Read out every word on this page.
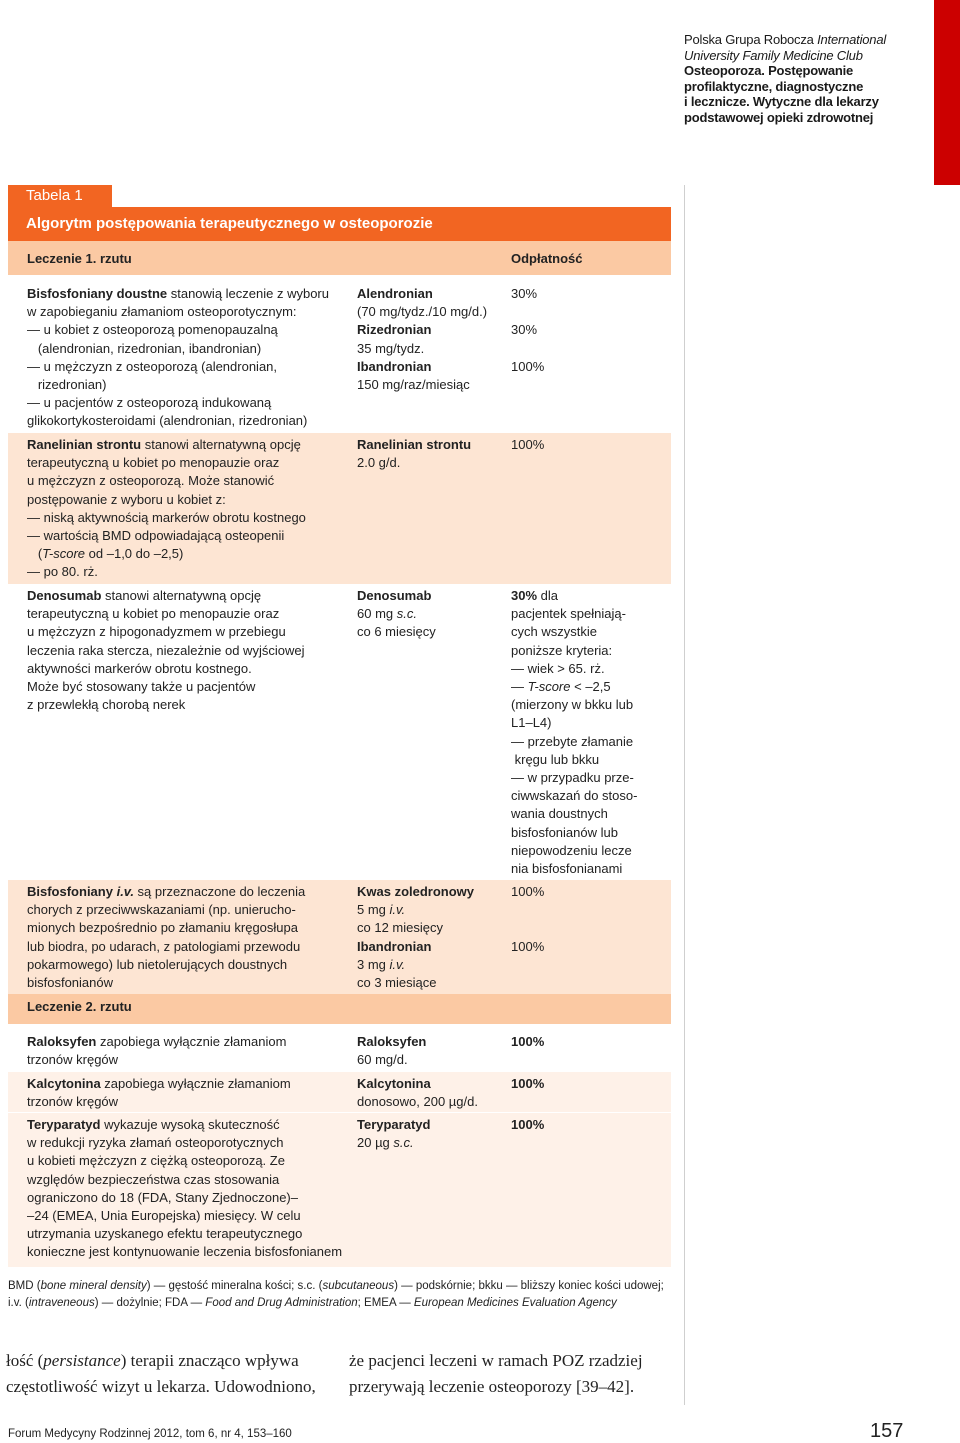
Polska Grupa Robocza International
University Family Medicine Club
Osteoporoza. Postępowanie
profilaktyczne, diagnostyczne
i lecznicze. Wytyczne dla lekarzy
podstawowej opieki zdrowotnej
Tabela 1
Algorytm postępowania terapeutycznego w osteoporozie
Leczenie 1. rzutu	Odpłatność
Bisfosfoniany doustne stanowią leczenie z wyboru
w zapobieganiu złamaniom osteoporotycznym:
— u kobiet z osteoporozą pomenopauzalną
(alendronian, rizedronian, ibandronian)
— u mężczyzn z osteoporozą (alendronian,
rizedronian)
— u pacjentów z osteoporozą indukowaną
glikokortykosteroidami (alendronian, rizedronian)
Alendronian
(70 mg/tydz./10 mg/d.)
Rizedronian
35 mg/tydz.
Ibandronian
150 mg/raz/miesiąc
30%

30%

100%
Ranelinian strontu stanowi alternatywną opcję
terapeutyczną u kobiet po menopauzie oraz
u mężczyzn z osteoporozą. Może stanowić
postępowanie z wyboru u kobiet z:
— niską aktywnością markerów obrotu kostnego
— wartością BMD odpowiadającą osteopenii
(T-score od –1,0 do –2,5)
— po 80. rż.
Ranelinian strontu
2.0 g/d.
100%
Denosumab stanowi alternatywną opcję
terapeutyczną u kobiet po menopauzie oraz
u mężczyzn z hipogonadyzmem w przebiegu
leczenia raka stercza, niezależnie od wyjściowej
aktywności markerów obrotu kostnego.
Może być stosowany także u pacjentów
z przewlekłą chorobą nerek
Denosumab
60 mg s.c.
co 6 miesięcy
30% dla
pacjentek spełniają-
cych wszystkie
poniższe kryteria:
— wiek > 65. rż.
— T-score < –2,5
(mierzony w bkku lub
L1–L4)
— przebyte złamanie
kręgu lub bkku
— w przypadku prze-
ciwwskazań do stoso-
wania doustnych
bisfosfonianów lub
niepowodzeniu lecze
nia bisfosfonianami
Bisfosfoniany i.v. są przeznaczone do leczenia
chorych z przeciwwskazaniami (np. unierucho-
mionych bezpośrednio po złamaniu kręgosłupa
lub biodra, po udarach, z patologiami przewodu
pokarmowego) lub nietolerujących doustnych
bisfosfonianów
Kwas zoledronowy
5 mg i.v.
co 12 miesięcy
Ibandronian
3 mg i.v.
co 3 miesiące
100%

100%
Leczenie 2. rzutu
Raloksyfen zapobiega wyłącznie złamaniom
trzonów kręgów
Raloksyfen
60 mg/d.
100%
Kalcytonina zapobiega wyłącznie złamaniom
trzonów kręgów
Kalcytonina
donosowo, 200 µg/d.
100%
Teryparatyd wykazuje wysoką skuteczność
w redukcji ryzyka złamań osteoporotycznych
u kobieti mężczyzn z ciężką osteoporozą. Ze
względów bezpieczeństwa czas stosowania
ograniczono do 18 (FDA, Stany Zjednoczone)–
–24 (EMEA, Unia Europejska) miesięcy. W celu
utrzymania uzyskanego efektu terapeutycznego
konieczne jest kontynuowanie leczenia bisfosfonianem
Teryparatyd
20 µg s.c.
100%
BMD (bone mineral density) — gęstość mineralna kości; s.c. (subcutaneous) — podskórnie; bkku — bliższy koniec kości udowej;
i.v. (intraveneous) — dożylnie; FDA — Food and Drug Administration; EMEA — European Medicines Evaluation Agency
łość (persistance) terapii znacząco wpływa
częstotliwość wizyt u lekarza. Udowodniono,
że pacjenci leczeni w ramach POZ rzadziej
przerywają leczenie osteoporozy [39–42].
Forum Medycyny Rodzinnej 2012, tom 6, nr 4, 153–160	157
